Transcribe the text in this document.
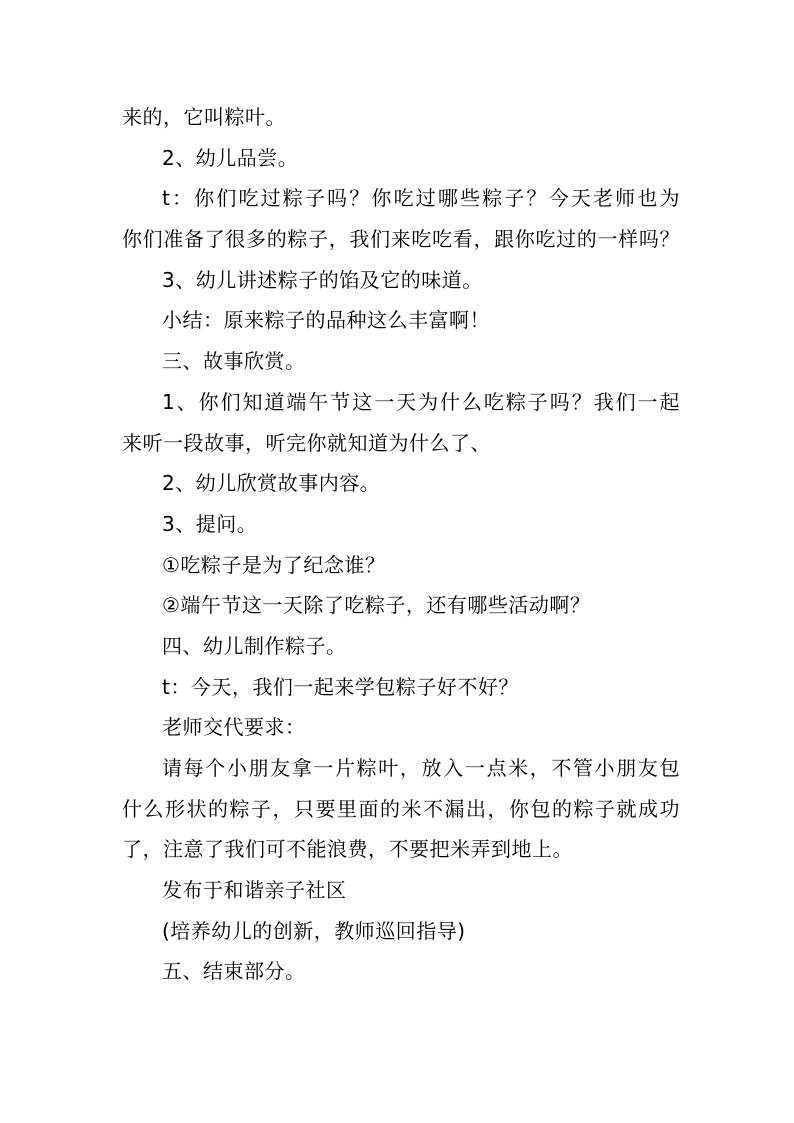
来的，它叫粽叶。
2、幼儿品尝。
t：你们吃过粽子吗？你吃过哪些粽子？今天老师也为
你们准备了很多的粽子，我们来吃吃看，跟你吃过的一样吗？
3、幼儿讲述粽子的馅及它的味道。
小结：原来粽子的品种这么丰富啊！
三、故事欣赏。
1、你们知道端午节这一天为什么吃粽子吗？我们一起
来听一段故事，听完你就知道为什么了、
2、幼儿欣赏故事内容。
3、提问。
①吃粽子是为了纪念谁？
②端午节这一天除了吃粽子，还有哪些活动啊？
四、幼儿制作粽子。
t：今天，我们一起来学包粽子好不好？
老师交代要求：
请每个小朋友拿一片粽叶，放入一点米，不管小朋友包
什么形状的粽子，只要里面的米不漏出，你包的粽子就成功
了，注意了我们可不能浪费，不要把米弄到地上。
发布于和谐亲子社区
(培养幼儿的创新，教师巡回指导)
五、结束部分。
